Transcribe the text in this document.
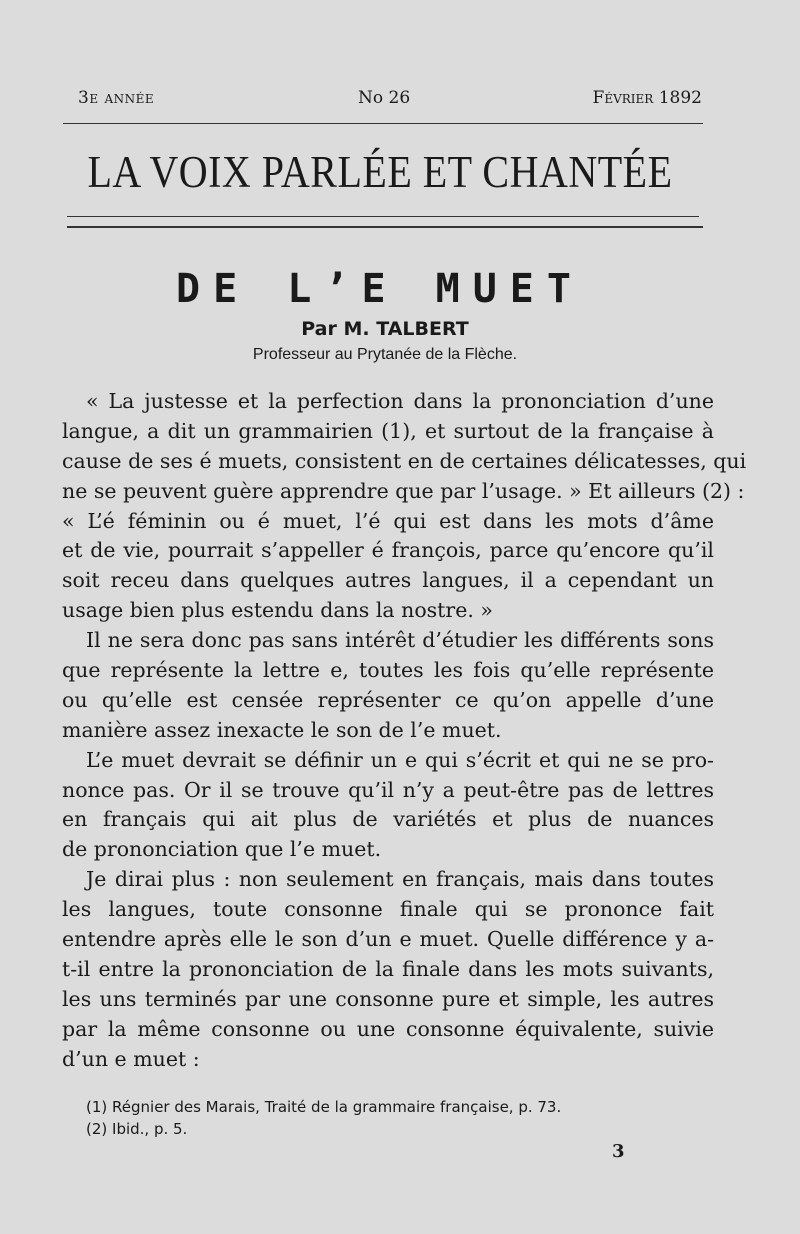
3e année	No 26	Février 1892
LA VOIX PARLÉE ET CHANTÉE
DE L’E MUET
Par M. TALBERT
Professeur au Prytanée de la Flèche.
« La justesse et la perfection dans la prononciation d’une
langue, a dit un grammairien (1), et surtout de la française à
cause de ses é muets, consistent en de certaines délicatesses, qui
ne se peuvent guère apprendre que par l’usage. » Et ailleurs (2) :
« L’é féminin ou é muet, l’é qui est dans les mots d’âme
et de vie, pourrait s’appeller é françois, parce qu’encore qu’il
soit receu dans quelques autres langues, il a cependant un
usage bien plus estendu dans la nostre. »
Il ne sera donc pas sans intérêt d’étudier les différents sons
que représente la lettre e, toutes les fois qu’elle représente
ou qu’elle est censée représenter ce qu’on appelle d’une
manière assez inexacte le son de l’e muet.
L’e muet devrait se définir un e qui s’écrit et qui ne se pro-
nonce pas. Or il se trouve qu’il n’y a peut-être pas de lettres
en français qui ait plus de variétés et plus de nuances
de prononciation que l’e muet.
Je dirai plus : non seulement en français, mais dans toutes
les langues, toute consonne finale qui se prononce fait
entendre après elle le son d’un e muet. Quelle différence y a-
t-il entre la prononciation de la finale dans les mots suivants,
les uns terminés par une consonne pure et simple, les autres
par la même consonne ou une consonne équivalente, suivie
d’un e muet :
(1) Régnier des Marais, Traité de la grammaire française, p. 73.
(2) Ibid., p. 5.
3
